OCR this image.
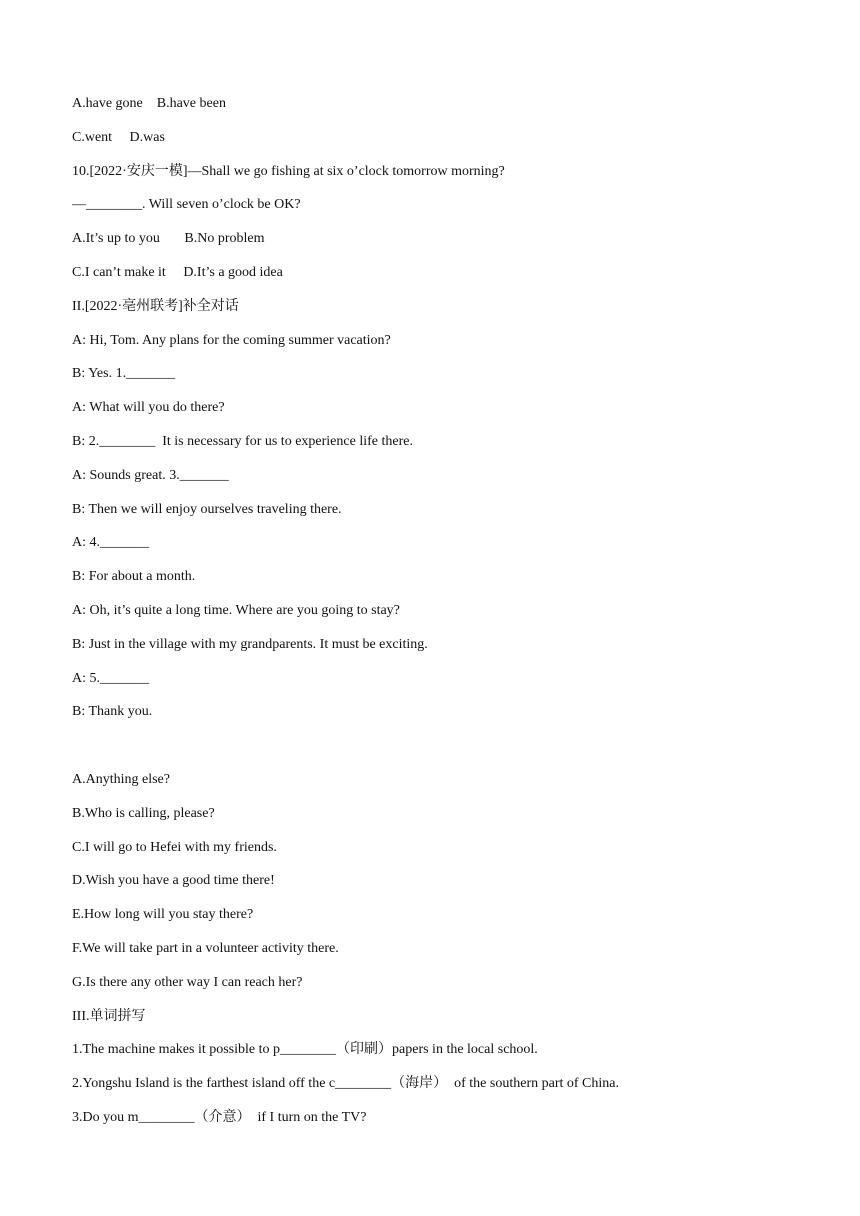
A.have gone    B.have been
C.went     D.was
10.[2022·安庆一模]—Shall we go fishing at six o’clock tomorrow morning?
—________. Will seven o’clock be OK?
A.It’s up to you       B.No problem
C.I can’t make it     D.It’s a good idea
II.[2022·亳州联考]补全对话
A: Hi, Tom. Any plans for the coming summer vacation?
B: Yes. 1._______
A: What will you do there?
B: 2.________  It is necessary for us to experience life there.
A: Sounds great. 3._______
B: Then we will enjoy ourselves traveling there.
A: 4._______
B: For about a month.
A: Oh, it’s quite a long time. Where are you going to stay?
B: Just in the village with my grandparents. It must be exciting.
A: 5._______
B: Thank you.
A.Anything else?
B.Who is calling, please?
C.I will go to Hefei with my friends.
D.Wish you have a good time there!
E.How long will you stay there?
F.We will take part in a volunteer activity there.
G.Is there any other way I can reach her?
III.单词拼写
1.The machine makes it possible to p________（印刷）papers in the local school.
2.Yongshu Island is the farthest island off the c________（海岸）  of the southern part of China.
3.Do you m________（介意）  if I turn on the TV?
